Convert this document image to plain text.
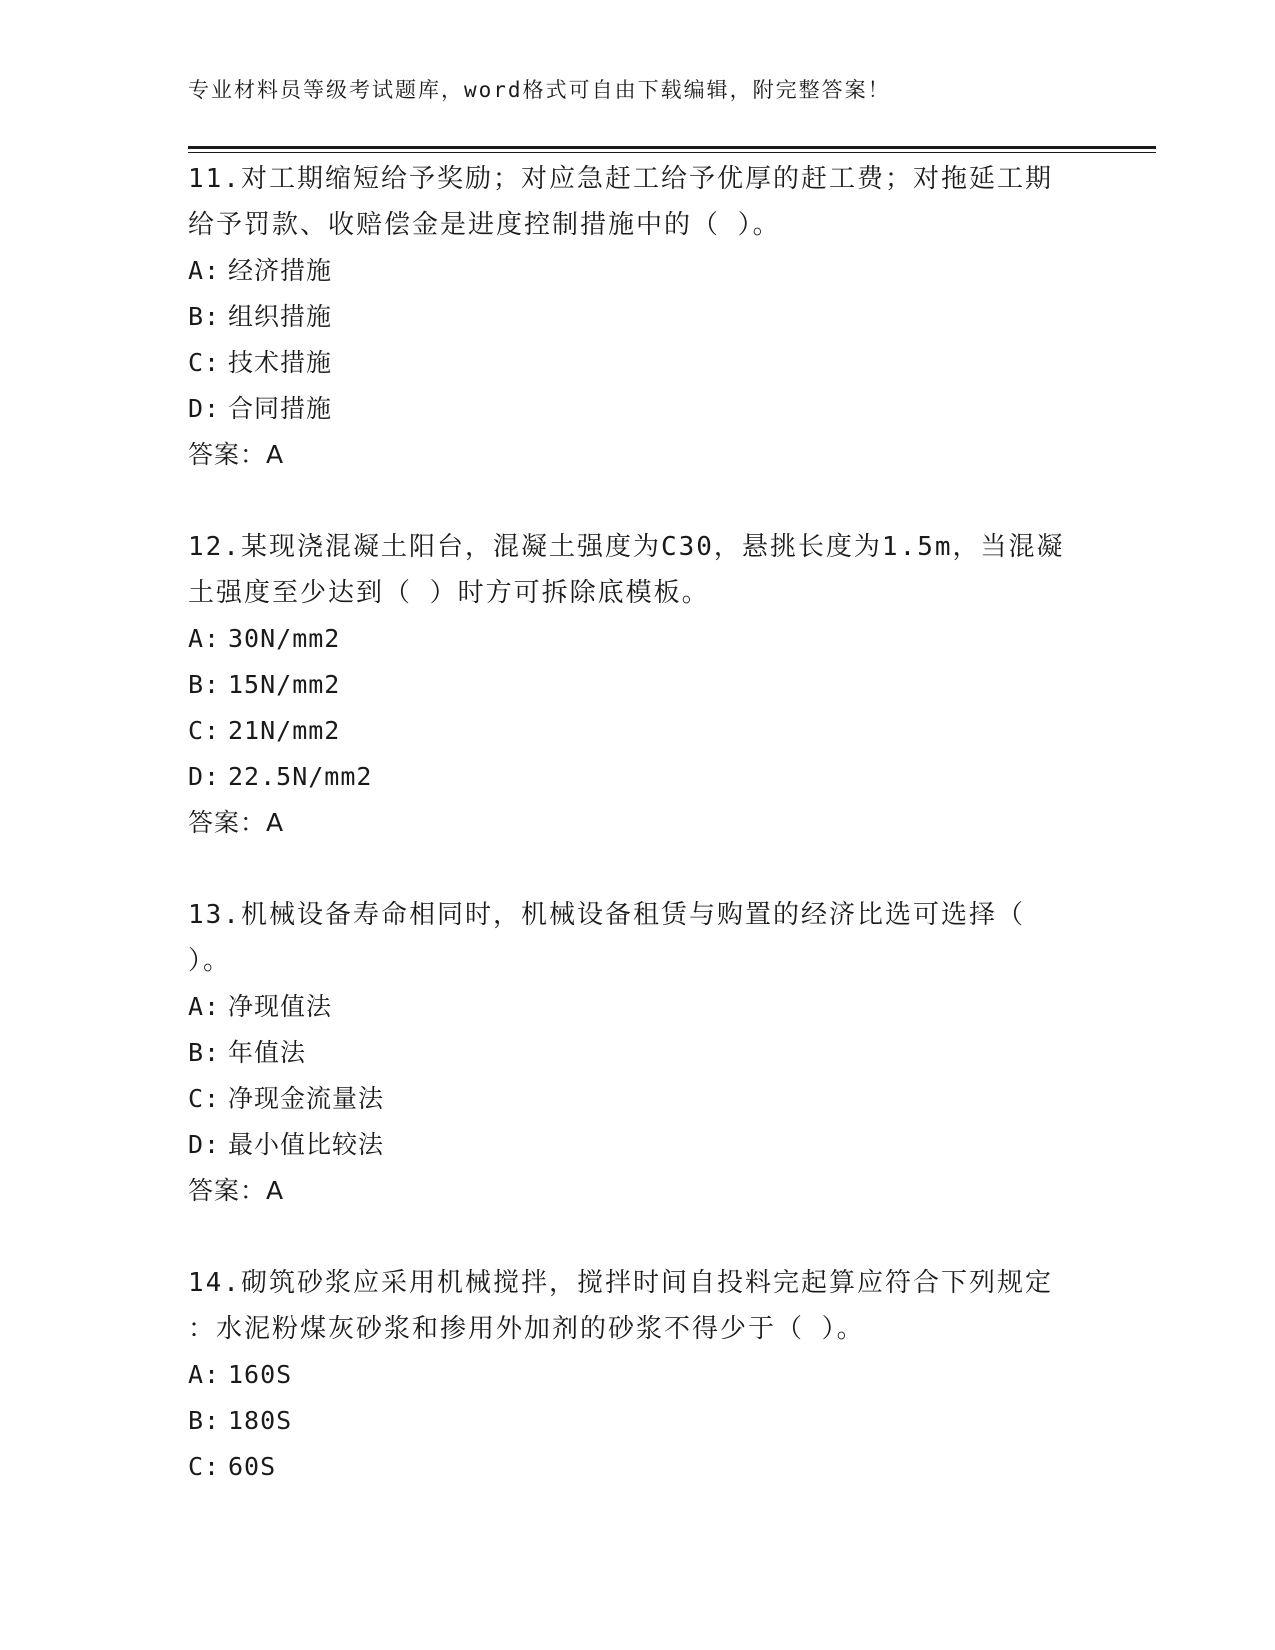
专业材料员等级考试题库，word格式可自由下载编辑，附完整答案！
11.对工期缩短给予奖励；对应急赶工给予优厚的赶工费；对拖延工期
给予罚款、收赔偿金是进度控制措施中的（ ）。
A: 经济措施
B: 组织措施
C: 技术措施
D: 合同措施
答案：A
12.某现浇混凝土阳台，混凝土强度为C30，悬挑长度为1.5m，当混凝
土强度至少达到（ ）时方可拆除底模板。
A: 30N/mm2
B: 15N/mm2
C: 21N/mm2
D: 22.5N/mm2
答案：A
13.机械设备寿命相同时，机械设备租赁与购置的经济比选可选择（
）。
A: 净现值法
B: 年值法
C: 净现金流量法
D: 最小值比较法
答案：A
14.砌筑砂浆应采用机械搅拌，搅拌时间自投料完起算应符合下列规定
：水泥粉煤灰砂浆和掺用外加剂的砂浆不得少于（ ）。
A: 160S
B: 180S
C: 60S
